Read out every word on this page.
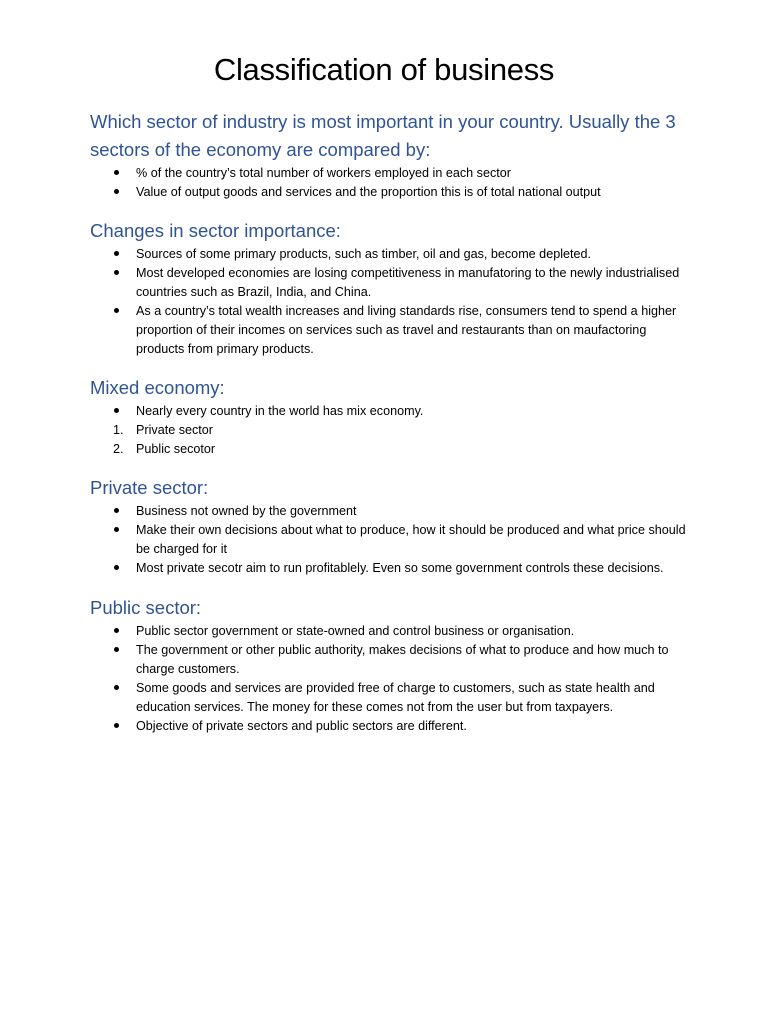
Classification of business
Which sector of industry is most important in your country. Usually the 3 sectors of the economy are compared by:
% of the country’s total number of workers employed in each sector
Value of output goods and services and the proportion this is of total national output
Changes in sector importance:
Sources of some primary products, such as timber, oil and gas, become depleted.
Most developed economies are losing competitiveness in manufatoring to the newly industrialised countries such as Brazil, India, and China.
As a country’s total wealth increases and living standards rise, consumers tend to spend a higher proportion of their incomes on services such as travel and restaurants than on maufactoring products from primary products.
Mixed economy:
Nearly every country in the world has mix economy.
1. Private sector
2. Public secotor
Private sector:
Business not owned by the government
Make their own decisions about what to produce, how it should be produced and what price should be charged for it
Most private secotr aim to run profitablely. Even so some government controls these decisions.
Public sector:
Public sector government or state-owned and control business or organisation.
The government or other public authority, makes decisions of what to produce and how much to charge customers.
Some goods and services are provided free of charge to customers, such as state health and education services. The money for these comes not from the user but from taxpayers.
Objective of private sectors and public sectors are different.
